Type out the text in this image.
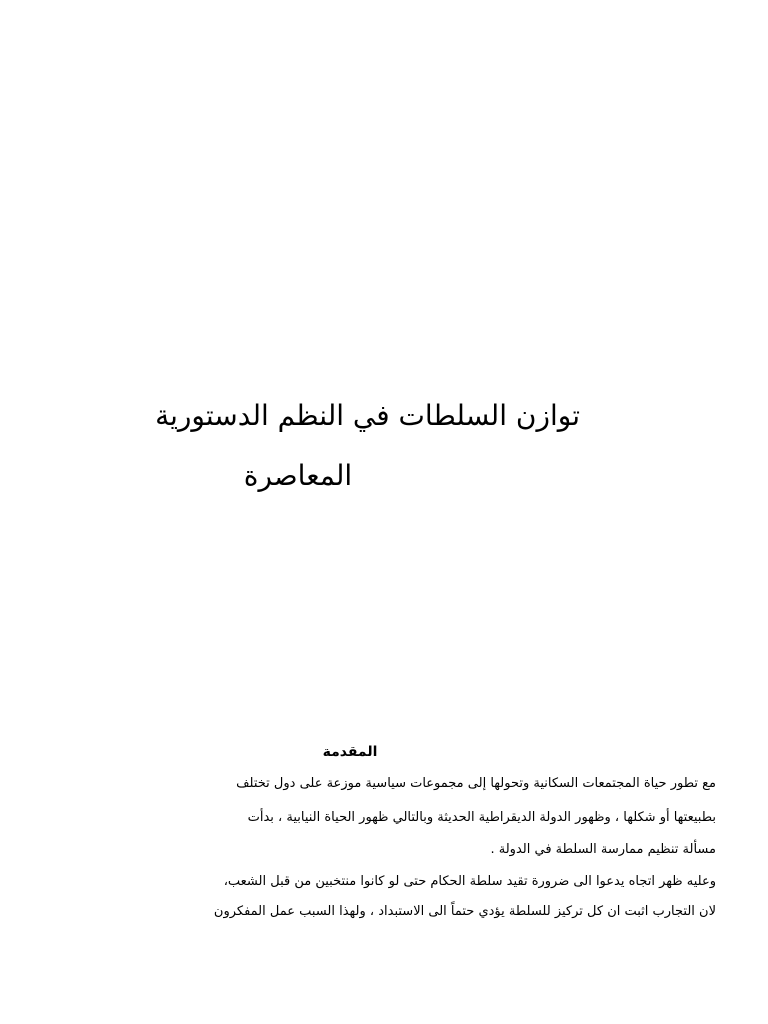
توازن السلطات في النظم الدستورية
المعاصرة
المقدمة
مع تطور حياة المجتمعات السكانية وتحولها إلى مجموعات سياسية موزعة على دول تختلف
بطبيعتها أو شكلها ، وظهور الدولة الديقراطية الحديثة وبالتالي ظهور الحياة النيابية ، بدأت
مسألة تنظيم ممارسة السلطة في الدولة .
وعليه ظهر اتجاه يدعوا الى ضرورة تقيد سلطة الحكام حتى لو كانوا منتخبين من قبل الشعب،
لان التجارب اثبت ان كل تركيز للسلطة يؤدي حتماً الى الاستبداد ، ولهذا السبب عمل المفكرون
